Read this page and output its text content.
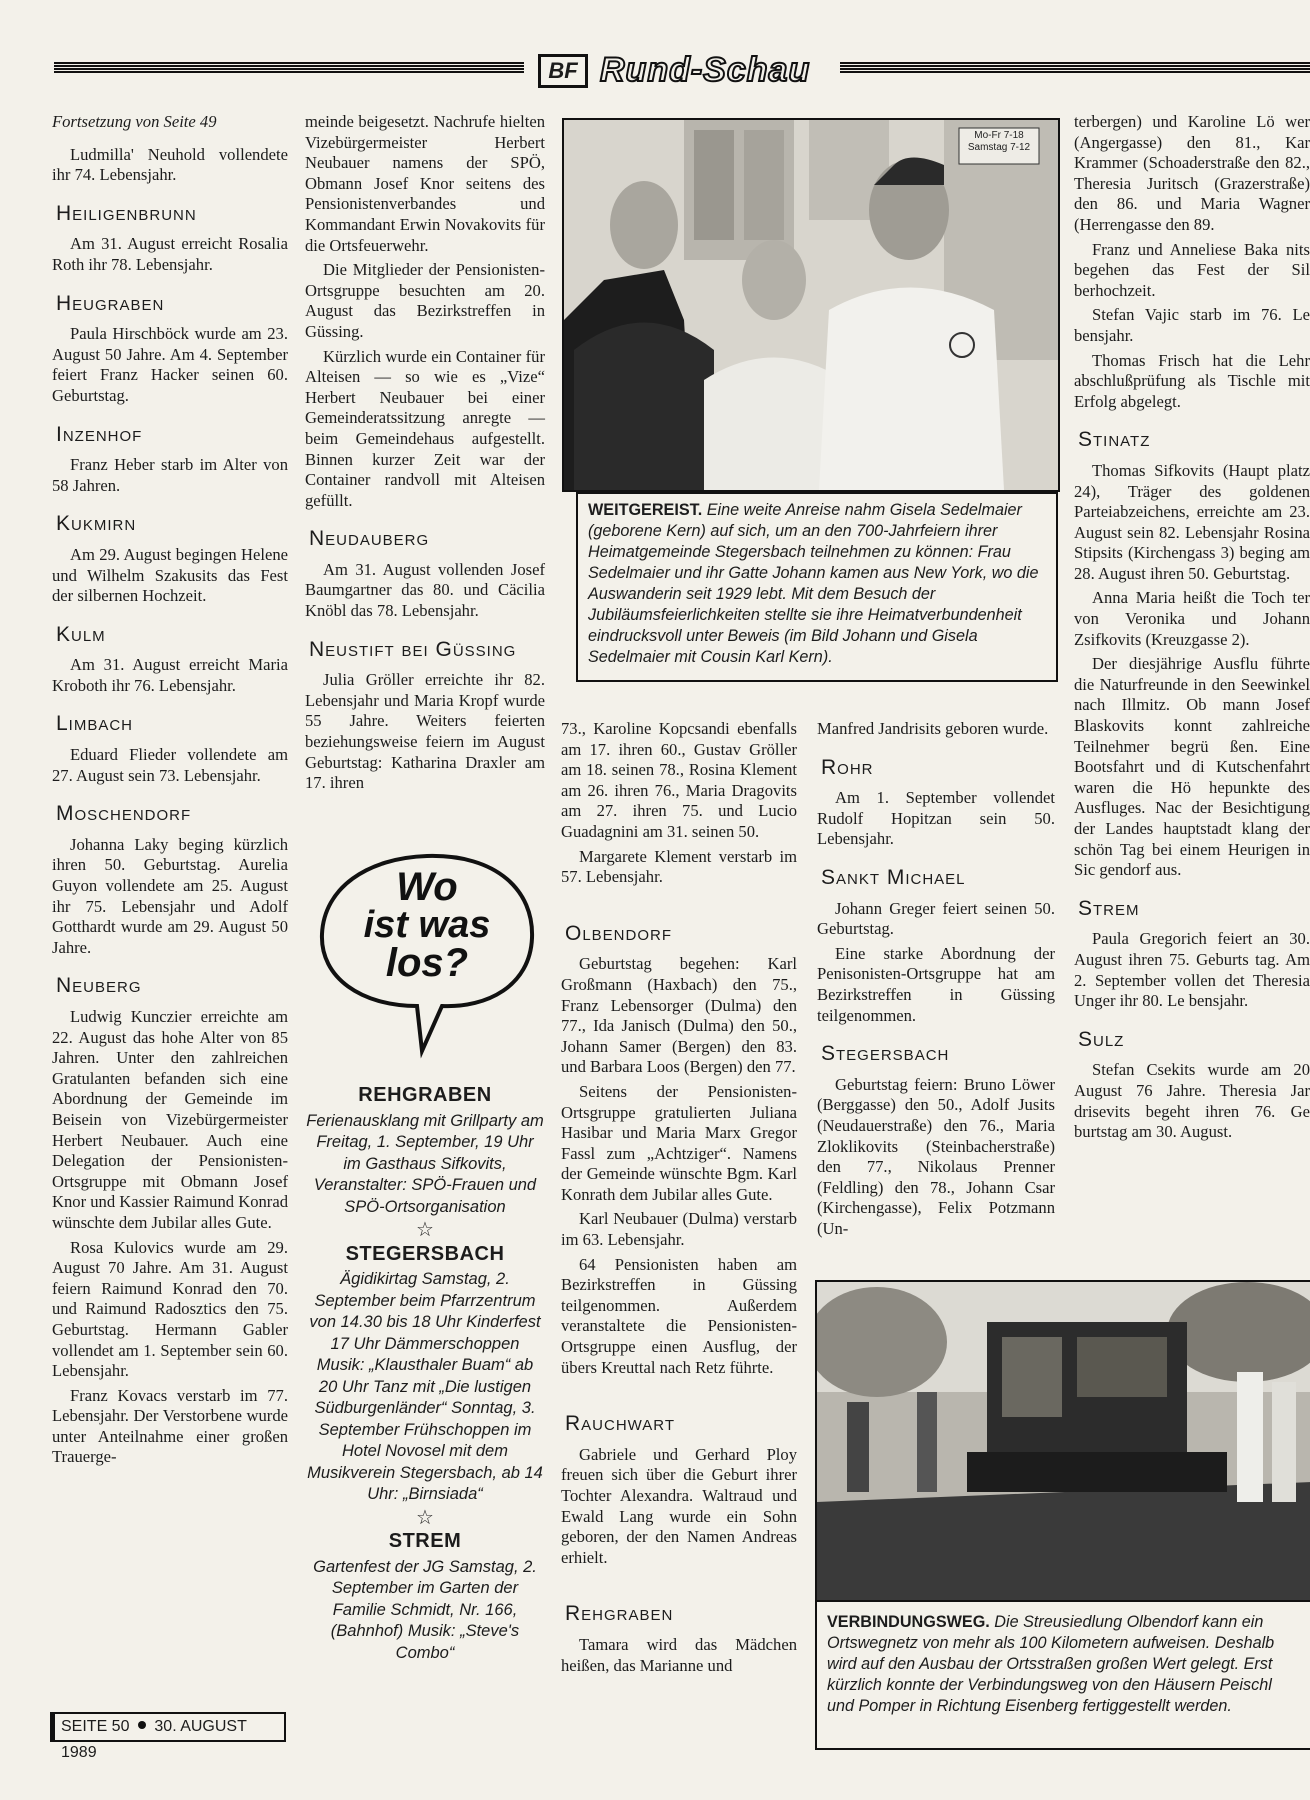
BF Rund-Schau

Fortsetzung von Seite 49

Ludmilla' Neuhold vollendete ihr 74. Lebensjahr.

Heiligenbrunn

Am 31. August erreicht Rosalia Roth ihr 78. Lebensjahr.

Heugraben

Paula Hirschböck wurde am 23. August 50 Jahre. Am 4. September feiert Franz Hacker seinen 60. Geburtstag.

Inzenhof

Franz Heber starb im Alter von 58 Jahren.

Kukmirn

Am 29. August begingen Helene und Wilhelm Szakusits das Fest der silbernen Hochzeit.

Kulm

Am 31. August erreicht Maria Kroboth ihr 76. Lebensjahr.

Limbach

Eduard Flieder vollendete am 27. August sein 73. Lebensjahr.

Moschendorf

Johanna Laky beging kürzlich ihren 50. Geburtstag. Aurelia Guyon vollendete am 25. August ihr 75. Lebensjahr und Adolf Gotthardt wurde am 29. August 50 Jahre.

Neuberg

Ludwig Kunczier erreichte am 22. August das hohe Alter von 85 Jahren. Unter den zahlreichen Gratulanten befanden sich eine Abordnung der Gemeinde im Beisein von Vizebürgermeister Herbert Neubauer. Auch eine Delegation der Pensionisten-Ortsgruppe mit Obmann Josef Knor und Kassier Raimund Konrad wünschte dem Jubilar alles Gute.

Rosa Kulovics wurde am 29. August 70 Jahre. Am 31. August feiern Raimund Konrad den 70. und Raimund Radosztics den 75. Geburtstag. Hermann Gabler vollendet am 1. September sein 60. Lebensjahr.

Franz Kovacs verstarb im 77. Lebensjahr. Der Verstorbene wurde unter Anteilnahme einer großen Trauerge-

meinde beigesetzt. Nachrufe hielten Vizebürgermeister Herbert Neubauer namens der SPÖ, Obmann Josef Knor seitens des Pensionistenverbandes und Kommandant Erwin Novakovits für die Ortsfeuerwehr.

Die Mitglieder der Pensionisten-Ortsgruppe besuchten am 20. August das Bezirkstreffen in Güssing.

Kürzlich wurde ein Container für Alteisen — so wie es „Vize“ Herbert Neubauer bei einer Gemeinderatssitzung anregte — beim Gemeindehaus aufgestellt. Binnen kurzer Zeit war der Container randvoll mit Alteisen gefüllt.

Neudauberg

Am 31. August vollenden Josef Baumgartner das 80. und Cäcilia Knöbl das 78. Lebensjahr.

Neustift bei Güssing

Julia Gröller erreichte ihr 82. Lebensjahr und Maria Kropf wurde 55 Jahre. Weiters feierten beziehungsweise feiern im August Geburtstag: Katharina Draxler am 17. ihren

Wo
ist was
los?
REHGRABEN
Ferienausklang mit Grillparty am Freitag, 1. September, 19 Uhr im Gasthaus Sifkovits, Veranstalter: SPÖ-Frauen und SPÖ-Ortsorganisation
☆
STEGERSBACH
Ägidikirtag Samstag, 2. September beim Pfarrzentrum von 14.30 bis 18 Uhr Kinderfest 17 Uhr Dämmerschoppen Musik: „Klausthaler Buam“ ab 20 Uhr Tanz mit „Die lustigen Südburgenländer“ Sonntag, 3. September Frühschoppen im Hotel Novosel mit dem Musikverein Stegersbach, ab 14 Uhr: „Birnsiada“
☆
STREM
Gartenfest der JG Samstag, 2. September im Garten der Familie Schmidt, Nr. 166, (Bahnhof) Musik: „Steve's Combo“
Mo-Fr 7-18 Samstag 7-12
WEITGEREIST. Eine weite Anreise nahm Gisela Sedelmaier (geborene Kern) auf sich, um an den 700-Jahrfeiern ihrer Heimatgemeinde Stegersbach teilnehmen zu können: Frau Sedelmaier und ihr Gatte Johann kamen aus New York, wo die Auswanderin seit 1929 lebt. Mit dem Besuch der Jubiläumsfeierlichkeiten stellte sie ihre Heimatverbundenheit eindrucksvoll unter Beweis (im Bild Johann und Gisela Sedelmaier mit Cousin Karl Kern).

73., Karoline Kopcsandi ebenfalls am 17. ihren 60., Gustav Gröller am 18. seinen 78., Rosina Klement am 26. ihren 76., Maria Dragovits am 27. ihren 75. und Lucio Guadagnini am 31. seinen 50.

Margarete Klement verstarb im 57. Lebensjahr.

Olbendorf

Geburtstag begehen: Karl Großmann (Haxbach) den 75., Franz Lebensorger (Dulma) den 77., Ida Janisch (Dulma) den 50., Johann Samer (Bergen) den 83. und Barbara Loos (Bergen) den 77.

Seitens der Pensionisten-Ortsgruppe gratulierten Juliana Hasibar und Maria Marx Gregor Fassl zum „Achtziger“. Namens der Gemeinde wünschte Bgm. Karl Konrath dem Jubilar alles Gute.

Karl Neubauer (Dulma) verstarb im 63. Lebensjahr.

64 Pensionisten haben am Bezirkstreffen in Güssing teilgenommen. Außerdem veranstaltete die Pensionisten-Ortsgruppe einen Ausflug, der übers Kreuttal nach Retz führte.

Rauchwart

Gabriele und Gerhard Ploy freuen sich über die Geburt ihrer Tochter Alexandra. Waltraud und Ewald Lang wurde ein Sohn geboren, der den Namen Andreas erhielt.

Rehgraben

Tamara wird das Mädchen heißen, das Marianne und

Manfred Jandrisits geboren wurde.

Rohr

Am 1. September vollendet Rudolf Hopitzan sein 50. Lebensjahr.

Sankt Michael

Johann Greger feiert seinen 50. Geburtstag.

Eine starke Abordnung der Penisonisten-Ortsgruppe hat am Bezirkstreffen in Güssing teilgenommen.

Stegersbach

Geburtstag feiern: Bruno Löwer (Berggasse) den 50., Adolf Jusits (Neudauerstraße) den 76., Maria Zloklikovits (Steinbacherstraße) den 77., Nikolaus Prenner (Feldling) den 78., Johann Csar (Kirchengasse), Felix Potzmann (Un-

terbergen) und Karoline Lö wer (Angergasse) den 81., Kar Krammer (Schoaderstraße den 82., Theresia Juritsch (Grazerstraße) den 86. und Maria Wagner (Herrengasse den 89.

Franz und Anneliese Baka nits begehen das Fest der Sil berhochzeit.

Stefan Vajic starb im 76. Le bensjahr.

Thomas Frisch hat die Lehr abschlußprüfung als Tischle mit Erfolg abgelegt.

Stinatz

Thomas Sifkovits (Haupt platz 24), Träger des goldenen Parteiabzeichens, erreichte am 23. August sein 82. Lebensjahr Rosina Stipsits (Kirchengass 3) beging am 28. August ihren 50. Geburtstag.

Anna Maria heißt die Toch ter von Veronika und Johann Zsifkovits (Kreuzgasse 2).

Der diesjährige Ausflu führte die Naturfreunde in den Seewinkel nach Illmitz. Ob mann Josef Blaskovits konnt zahlreiche Teilnehmer begrü ßen. Eine Bootsfahrt und di Kutschenfahrt waren die Hö hepunkte des Ausfluges. Nac der Besichtigung der Landes hauptstadt klang der schön Tag bei einem Heurigen in Sic gendorf aus.

Strem

Paula Gregorich feiert an 30. August ihren 75. Geburts tag. Am 2. September vollen det Theresia Unger ihr 80. Le bensjahr.

Sulz

Stefan Csekits wurde am 20 August 76 Jahre. Theresia Jar drisevits begeht ihren 76. Ge burtstag am 30. August.

VERBINDUNGSWEG. Die Streusiedlung Olbendorf kann ein Ortswegnetz von mehr als 100 Kilometern aufweisen. Deshalb wird auf den Ausbau der Ortsstraßen großen Wert gelegt. Erst kürzlich konnte der Verbindungsweg von den Häusern Peischl und Pomper in Richtung Eisenberg fertiggestellt werden.
SEITE 50 30. AUGUST 1989
